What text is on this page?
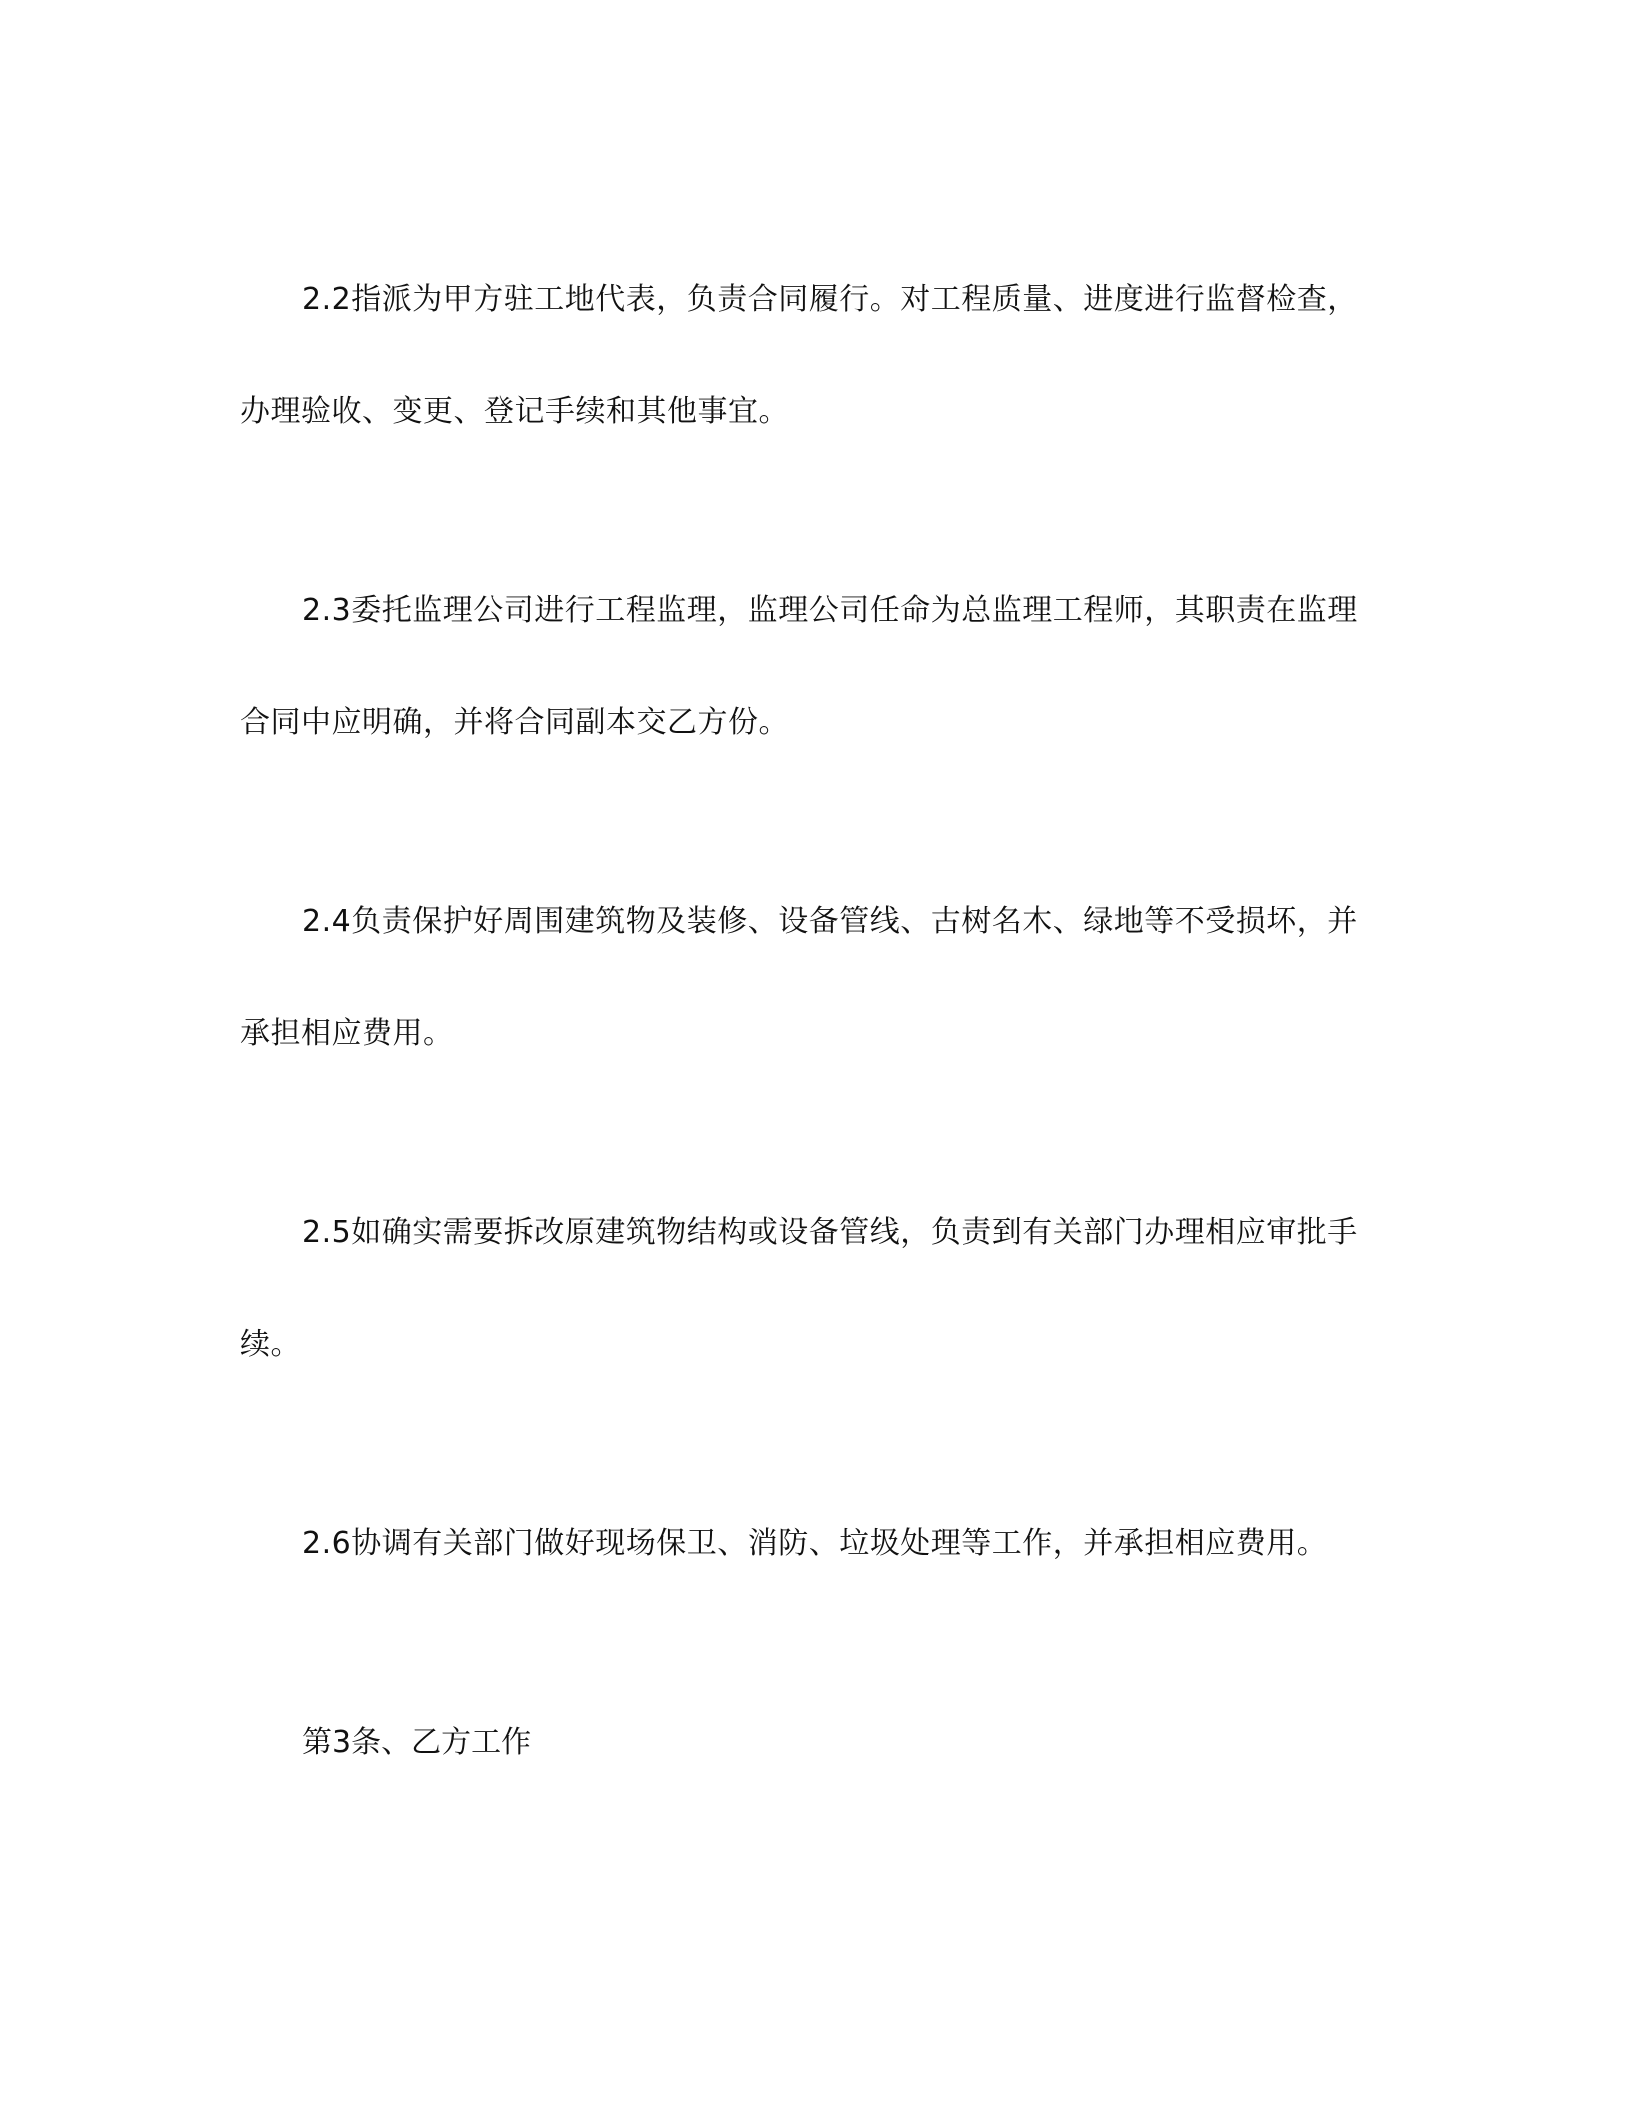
2.2指派为甲方驻工地代表，负责合同履行。对工程质量、进度进行监督检查，办理验收、变更、登记手续和其他事宜。

2.3委托监理公司进行工程监理，监理公司任命为总监理工程师，其职责在监理合同中应明确，并将合同副本交乙方份。

2.4负责保护好周围建筑物及装修、设备管线、古树名木、绿地等不受损坏，并承担相应费用。

2.5如确实需要拆改原建筑物结构或设备管线，负责到有关部门办理相应审批手续。

2.6协调有关部门做好现场保卫、消防、垃圾处理等工作，并承担相应费用。

第3条、乙方工作
